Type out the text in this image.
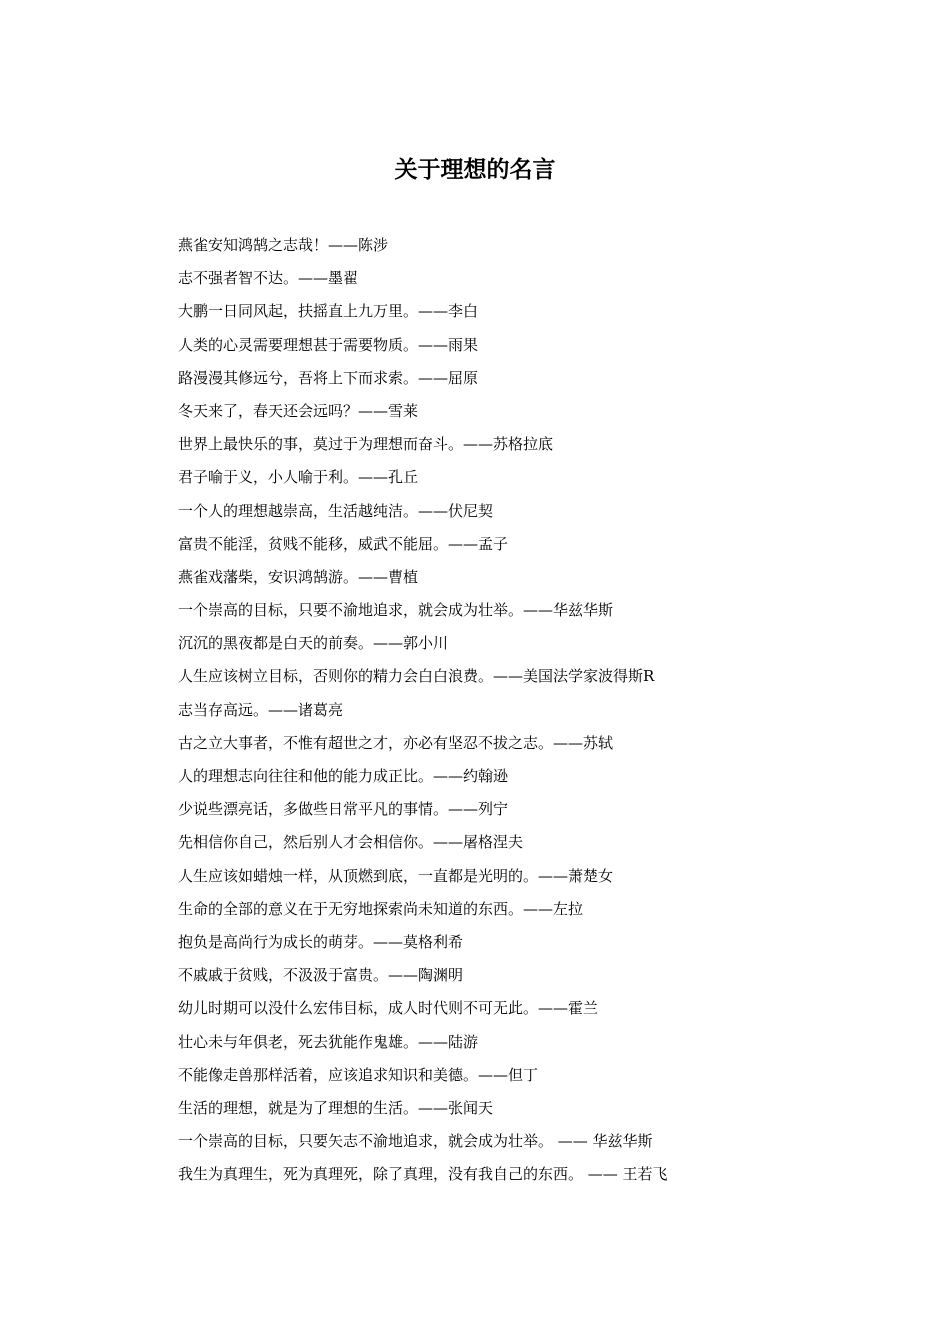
关于理想的名言
燕雀安知鸿鹄之志哉！——陈涉
志不强者智不达。——墨翟
大鹏一日同风起，扶摇直上九万里。——李白
人类的心灵需要理想甚于需要物质。——雨果
路漫漫其修远兮，吾将上下而求索。——屈原
冬天来了，春天还会远吗？——雪莱
世界上最快乐的事，莫过于为理想而奋斗。——苏格拉底
君子喻于义，小人喻于利。——孔丘
一个人的理想越崇高，生活越纯洁。——伏尼契
富贵不能淫，贫贱不能移，威武不能屈。——孟子
燕雀戏藩柴，安识鸿鹄游。——曹植
一个崇高的目标，只要不渝地追求，就会成为壮举。——华兹华斯
沉沉的黑夜都是白天的前奏。——郭小川
人生应该树立目标，否则你的精力会白白浪费。——美国法学家波得斯R
志当存高远。——诸葛亮
古之立大事者，不惟有超世之才，亦必有坚忍不拔之志。——苏轼
人的理想志向往往和他的能力成正比。——约翰逊
少说些漂亮话，多做些日常平凡的事情。——列宁
先相信你自己，然后别人才会相信你。——屠格涅夫
人生应该如蜡烛一样，从顶燃到底，一直都是光明的。——萧楚女
生命的全部的意义在于无穷地探索尚未知道的东西。——左拉
抱负是高尚行为成长的萌芽。——莫格利希
不戚戚于贫贱，不汲汲于富贵。——陶渊明
幼儿时期可以没什么宏伟目标，成人时代则不可无此。——霍兰
壮心未与年俱老，死去犹能作鬼雄。——陆游
不能像走兽那样活着，应该追求知识和美德。——但丁
生活的理想，就是为了理想的生活。——张闻天
一个崇高的目标，只要矢志不渝地追求，就会成为壮举。 —— 华兹华斯
我生为真理生，死为真理死，除了真理，没有我自己的东西。 —— 王若飞
